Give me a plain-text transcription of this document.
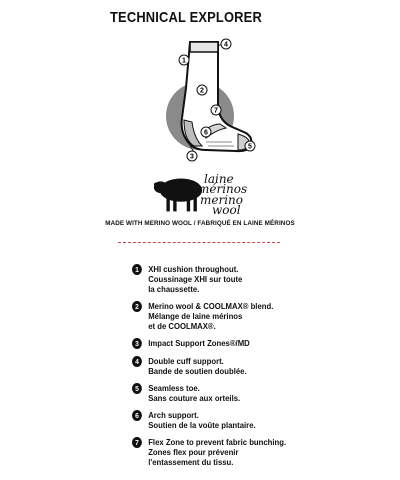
TECHNICAL EXPLORER
4
1
2
7
6
3
5
laine
mérinos
merino
wool
MADE WITH MERINO WOOL / FABRIQUÉ EN LAINE MÉRINOS
1	XHI cushion throughout.
Coussinage XHI sur toute
la chaussette.
2	Merino wool & COOLMAX® blend.
Mélange de laine mérinos
et de COOLMAX®.
3	Impact Support Zones®/MD
4	Double cuff support.
Bande de soutien doublée.
5	Seamless toe.
Sans couture aux orteils.
6	Arch support.
Soutien de la voûte plantaire.
7	Flex Zone to prevent fabric bunching.
Zones flex pour prévenir
l'entassement du tissu.
